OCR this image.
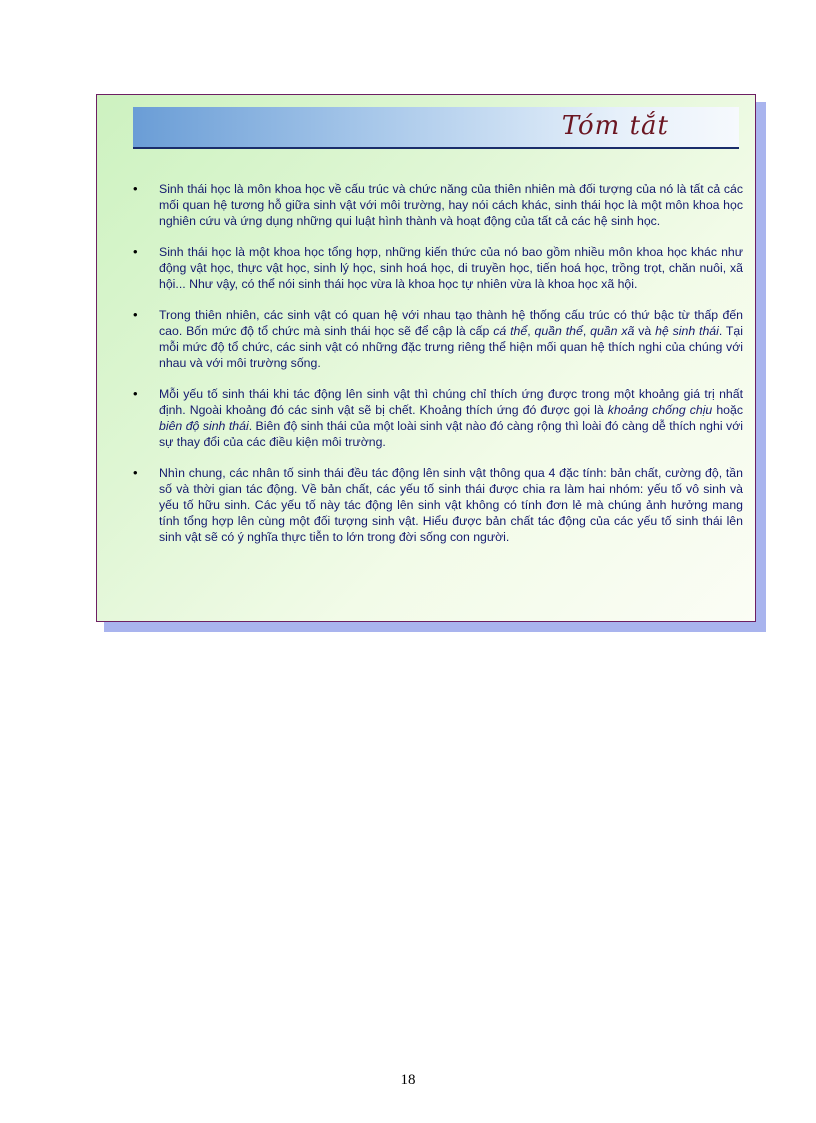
Tóm tắt
• Sinh thái học là môn khoa học về cấu trúc và chức năng của thiên nhiên mà đối tượng của nó là tất cả các mối quan hệ tương hỗ giữa sinh vật với môi trường, hay nói cách khác, sinh thái học là một môn khoa học nghiên cứu và ứng dụng những qui luật hình thành và hoạt động của tất cả các hệ sinh học.
• Sinh thái học là một khoa học tổng hợp, những kiến thức của nó bao gồm nhiều môn khoa học khác như động vật học, thực vật học, sinh lý học, sinh hoá học, di truyền học, tiến hoá học, trồng trọt, chăn nuôi, xã hội... Như vậy, có thể nói sinh thái học vừa là khoa học tự nhiên vừa là khoa học xã hội.
• Trong thiên nhiên, các sinh vật có quan hệ với nhau tạo thành hệ thống cấu trúc có thứ bậc từ thấp đến cao. Bốn mức độ tổ chức mà sinh thái học sẽ để cập là cấp cá thể, quần thể, quần xã và hệ sinh thái. Tại mỗi mức độ tổ chức, các sinh vật có những đặc trưng riêng thể hiện mối quan hệ thích nghi của chúng với nhau và với môi trường sống.
• Mỗi yếu tố sinh thái khi tác động lên sinh vật thì chúng chỉ thích ứng được trong một khoảng giá trị nhất định. Ngoài khoảng đó các sinh vật sẽ bị chết. Khoảng thích ứng đó được gọi là khoảng chống chịu hoặc biên độ sinh thái. Biên độ sinh thái của một loài sinh vật nào đó càng rộng thì loài đó càng dễ thích nghi với sự thay đổi của các điều kiện môi trường.
• Nhìn chung, các nhân tố sinh thái đều tác động lên sinh vật thông qua 4 đặc tính: bản chất, cường độ, tần số và thời gian tác động. Về bản chất, các yếu tố sinh thái được chia ra làm hai nhóm: yếu tố vô sinh và yếu tố hữu sinh. Các yếu tố này tác động lên sinh vật không có tính đơn lẻ mà chúng ảnh hưởng mang tính tổng hợp lên cùng một đối tượng sinh vật. Hiểu được bản chất tác động của các yếu tố sinh thái lên sinh vật sẽ có ý nghĩa thực tiễn to lớn trong đời sống con người.
18
